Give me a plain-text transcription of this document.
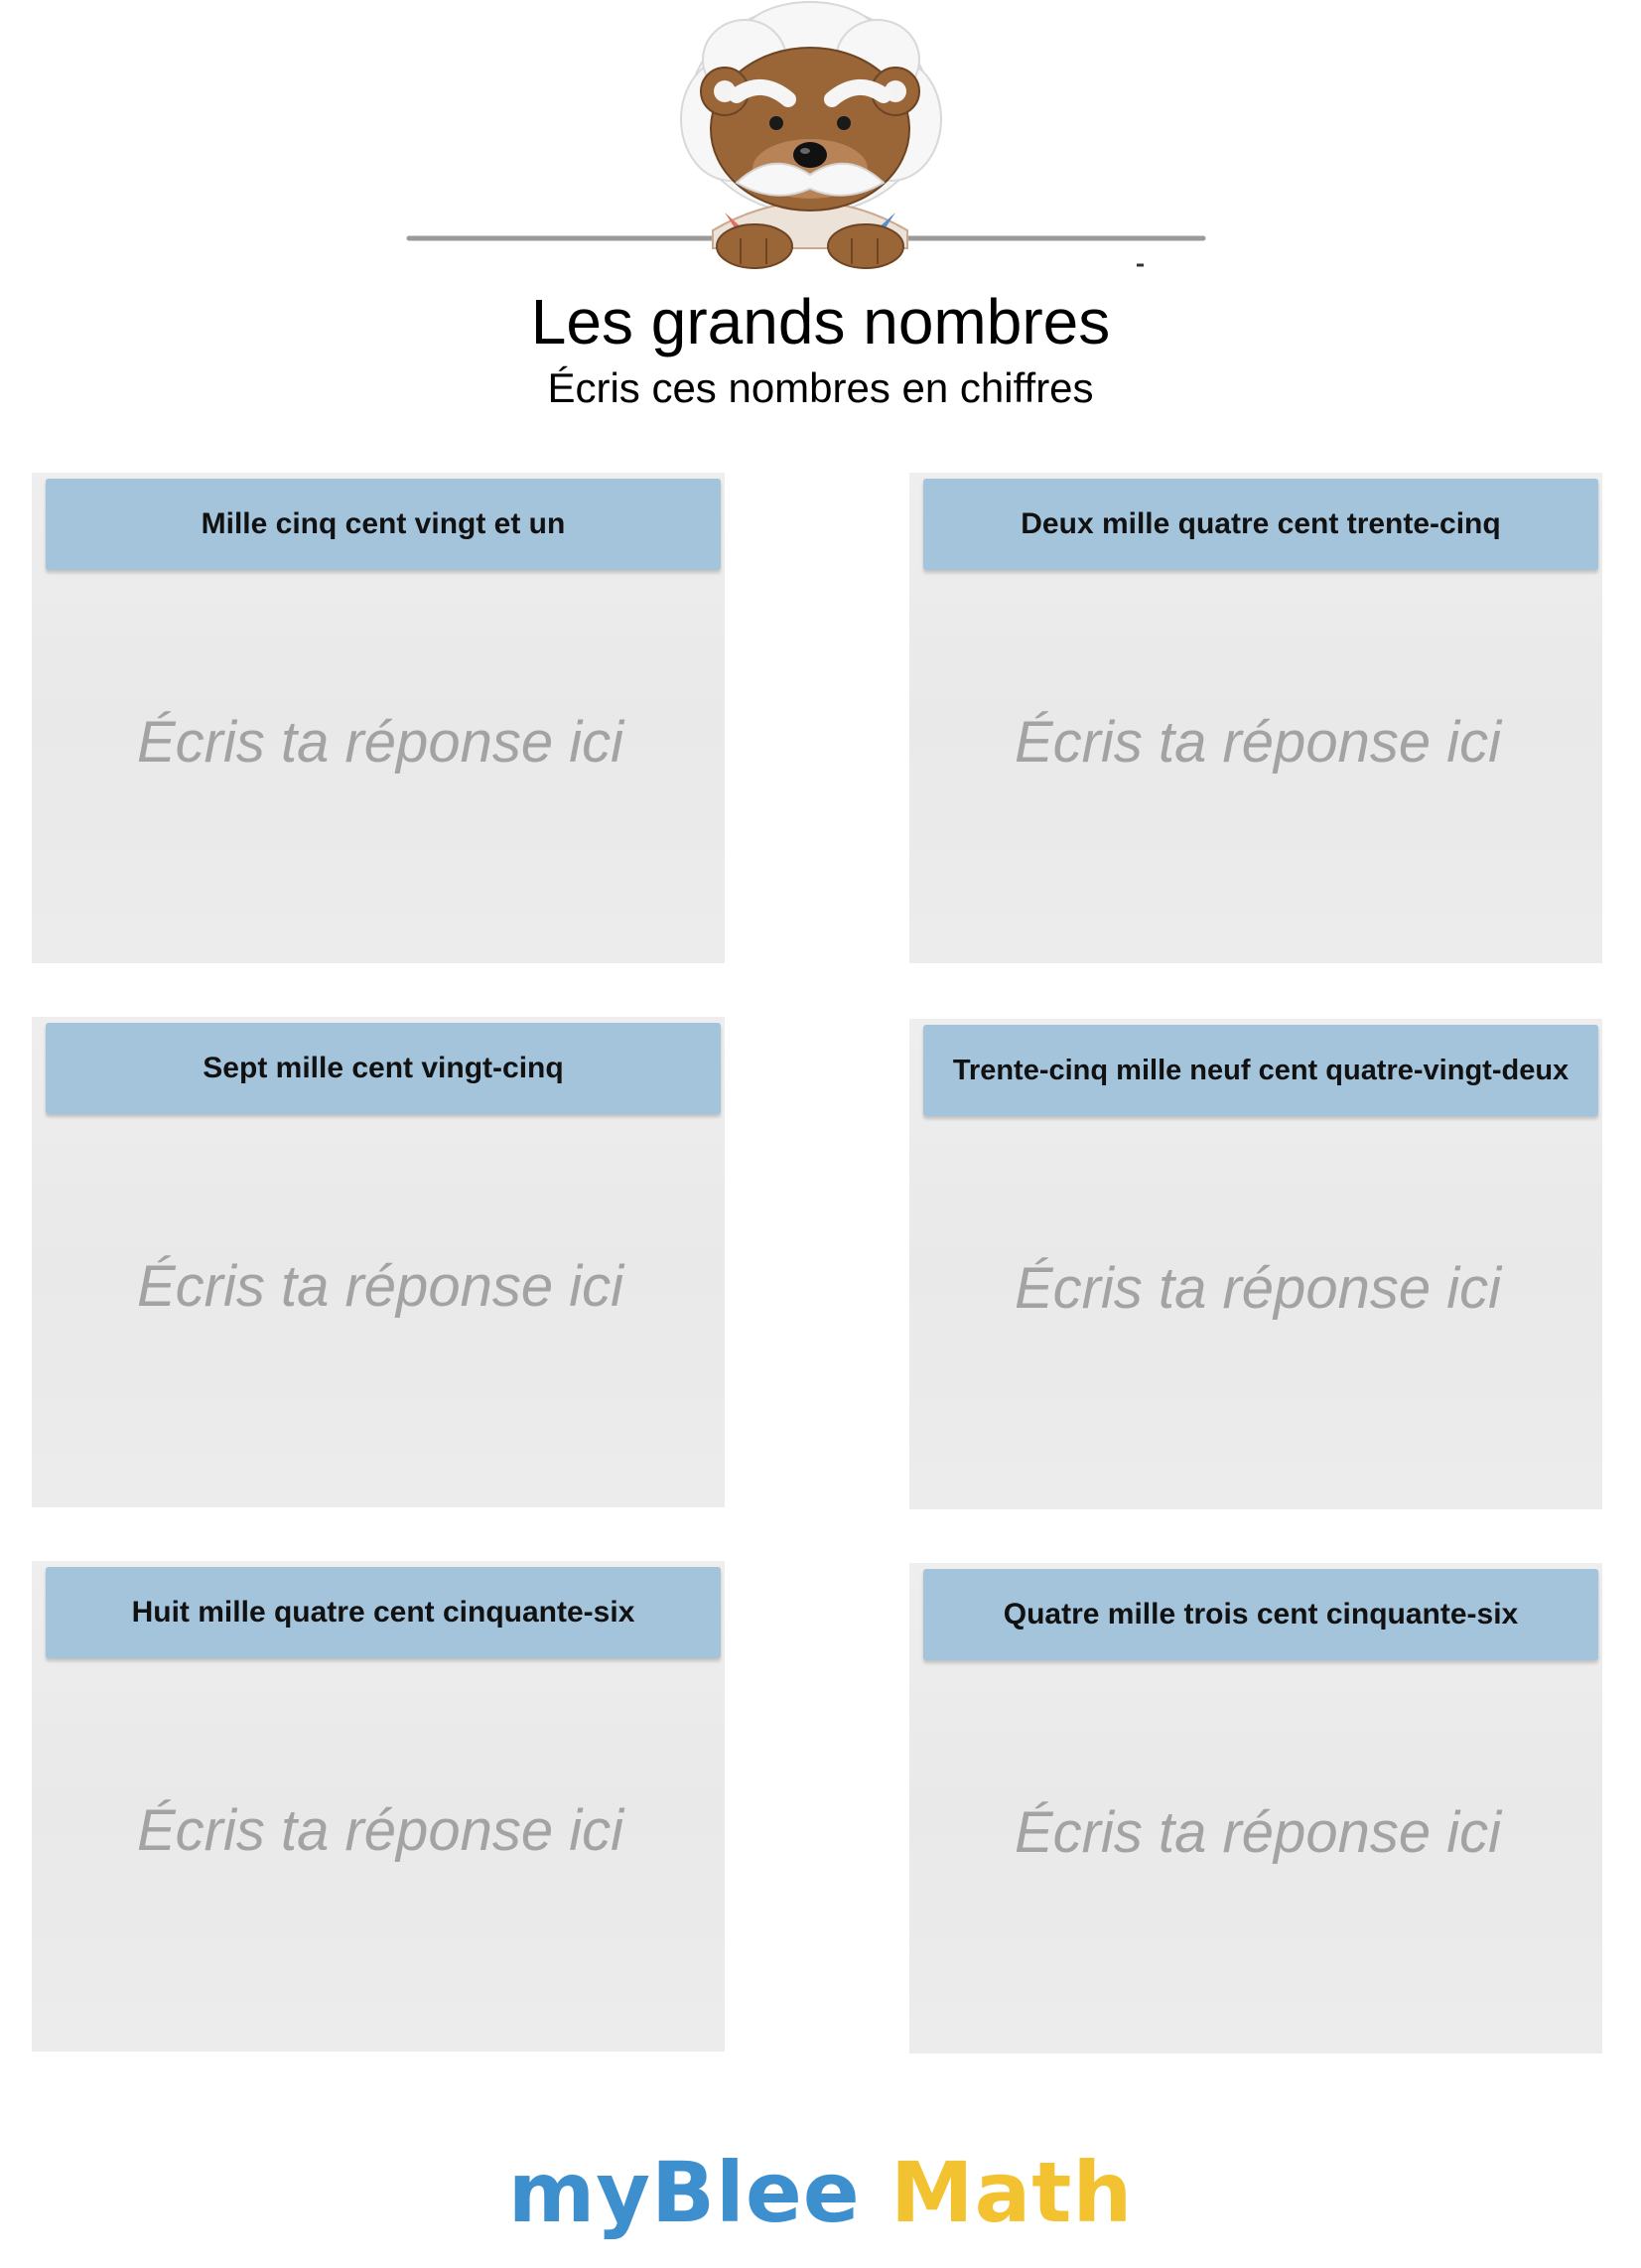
Les grands nombres
Écris ces nombres en chiffres
Mille cinq cent vingt et un
Écris ta réponse ici	Deux mille quatre cent trente-cinq
Écris ta réponse ici
Sept mille cent vingt-cinq
Écris ta réponse ici	Trente-cinq mille neuf cent quatre-vingt-deux
Écris ta réponse ici
Huit mille quatre cent cinquante-six
Écris ta réponse ici	Quatre mille trois cent cinquante-six
Écris ta réponse ici
myBlee Math
